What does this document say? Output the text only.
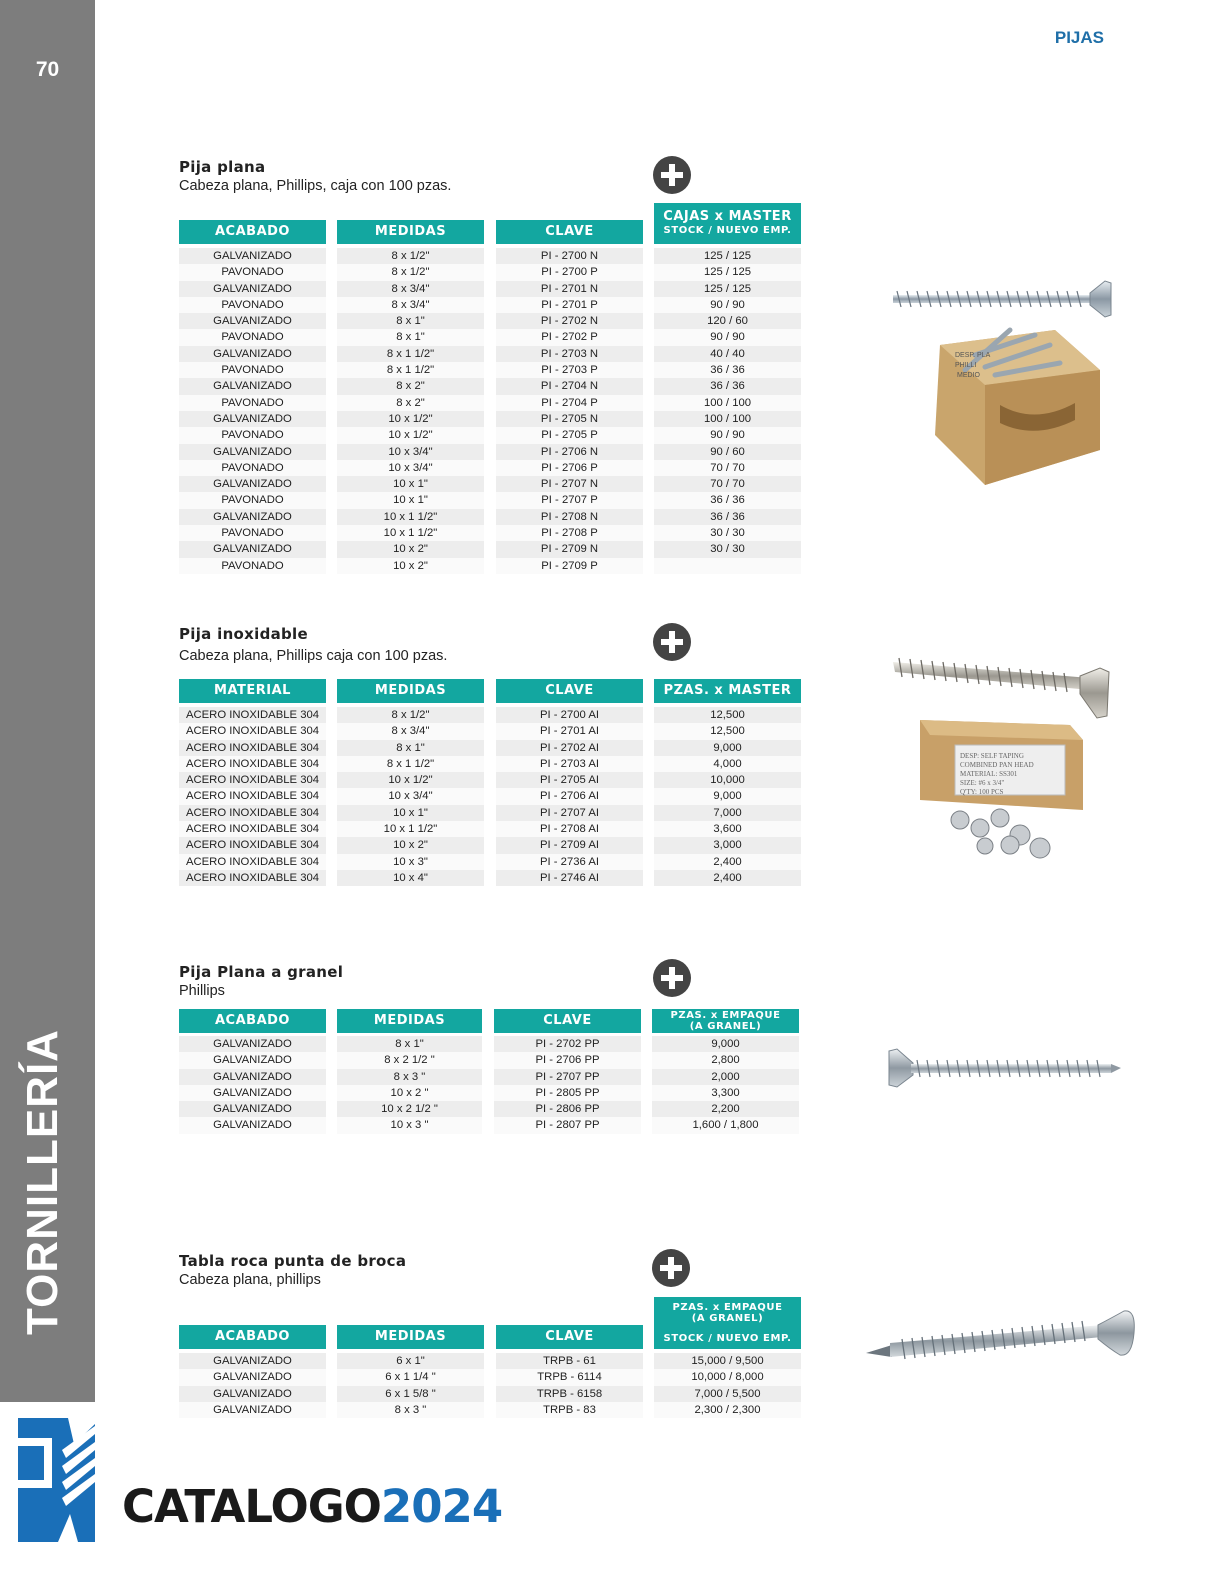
70
TORNILLERÍA
PIJAS
CATALOGO2024
Pija plana
Cabeza plana, Phillips, caja con 100 pzas.
ACABADO
GALVANIZADO
PAVONADO
GALVANIZADO
PAVONADO
GALVANIZADO
PAVONADO
GALVANIZADO
PAVONADO
GALVANIZADO
PAVONADO
GALVANIZADO
PAVONADO
GALVANIZADO
PAVONADO
GALVANIZADO
PAVONADO
GALVANIZADO
PAVONADO
GALVANIZADO
PAVONADO
MEDIDAS
8 x 1/2"
8 x 1/2"
8 x 3/4"
8 x 3/4"
8 x 1"
8 x 1"
8 x 1 1/2"
8 x 1 1/2"
8 x 2"
8 x 2"
10 x 1/2"
10 x 1/2"
10 x 3/4"
10 x 3/4"
10 x 1"
10 x 1"
10 x 1 1/2"
10 x 1 1/2"
10 x 2"
10 x 2"
CLAVE
PI - 2700 N
PI - 2700 P
PI - 2701 N
PI - 2701 P
PI - 2702 N
PI - 2702 P
PI - 2703 N
PI - 2703 P
PI - 2704 N
PI - 2704 P
PI - 2705 N
PI - 2705 P
PI - 2706 N
PI - 2706 P
PI - 2707 N
PI - 2707 P
PI - 2708 N
PI - 2708 P
PI - 2709 N
PI - 2709 P
CAJAS x MASTER
STOCK / NUEVO EMP.
125 / 125
125 / 125
125 / 125
90 / 90
120 / 60
90 / 90
40 / 40
36 / 36
36 / 36
100 / 100
100 / 100
90 / 90
90 / 60
70 / 70
70 / 70
36 / 36
36 / 36
30 / 30
30 / 30
DESP. PLA
PHILLI
MEDIO
Pija inoxidable
Cabeza plana, Phillips caja con 100 pzas.
MATERIAL
ACERO INOXIDABLE 304
ACERO INOXIDABLE 304
ACERO INOXIDABLE 304
ACERO INOXIDABLE 304
ACERO INOXIDABLE 304
ACERO INOXIDABLE 304
ACERO INOXIDABLE 304
ACERO INOXIDABLE 304
ACERO INOXIDABLE 304
ACERO INOXIDABLE 304
ACERO INOXIDABLE 304
MEDIDAS
8 x 1/2"
8 x 3/4"
8 x 1"
8 x 1 1/2"
10 x 1/2"
10 x 3/4"
10 x 1"
10 x 1 1/2"
10 x 2"
10 x 3"
10 x 4"
CLAVE
PI - 2700 AI
PI - 2701 AI
PI - 2702 AI
PI - 2703 AI
PI - 2705 AI
PI - 2706 AI
PI - 2707 AI
PI - 2708 AI
PI - 2709 AI
PI - 2736 AI
PI - 2746 AI
PZAS. x MASTER
12,500
12,500
9,000
4,000
10,000
9,000
7,000
3,600
3,000
2,400
2,400
DESP: SELF TAPING
COMBINED PAN HEAD
MATERIAL: SS301
SIZE: #6 x 3/4"
Q'TY: 100 PCS
Pija Plana a granel
Phillips
ACABADO
GALVANIZADO
GALVANIZADO
GALVANIZADO
GALVANIZADO
GALVANIZADO
GALVANIZADO
MEDIDAS
8 x 1"
8 x 2 1/2 "
8 x 3 "
10 x 2 "
10 x 2 1/2 "
10 x 3 "
CLAVE
PI - 2702 PP
PI - 2706 PP
PI - 2707 PP
PI - 2805 PP
PI - 2806 PP
PI - 2807 PP
PZAS. x EMPAQUE
(A GRANEL)
9,000
2,800
2,000
3,300
2,200
1,600 / 1,800
Tabla roca punta de broca
Cabeza plana, phillips
ACABADO
GALVANIZADO
GALVANIZADO
GALVANIZADO
GALVANIZADO
MEDIDAS
6 x 1"
6 x 1 1/4 "
6 x 1 5/8 "
8 x 3 "
CLAVE
TRPB - 61
TRPB - 6114
TRPB - 6158
TRPB - 83
PZAS. x EMPAQUE
(A GRANEL)
STOCK / NUEVO EMP.
15,000 / 9,500
10,000 / 8,000
7,000 / 5,500
2,300 / 2,300
